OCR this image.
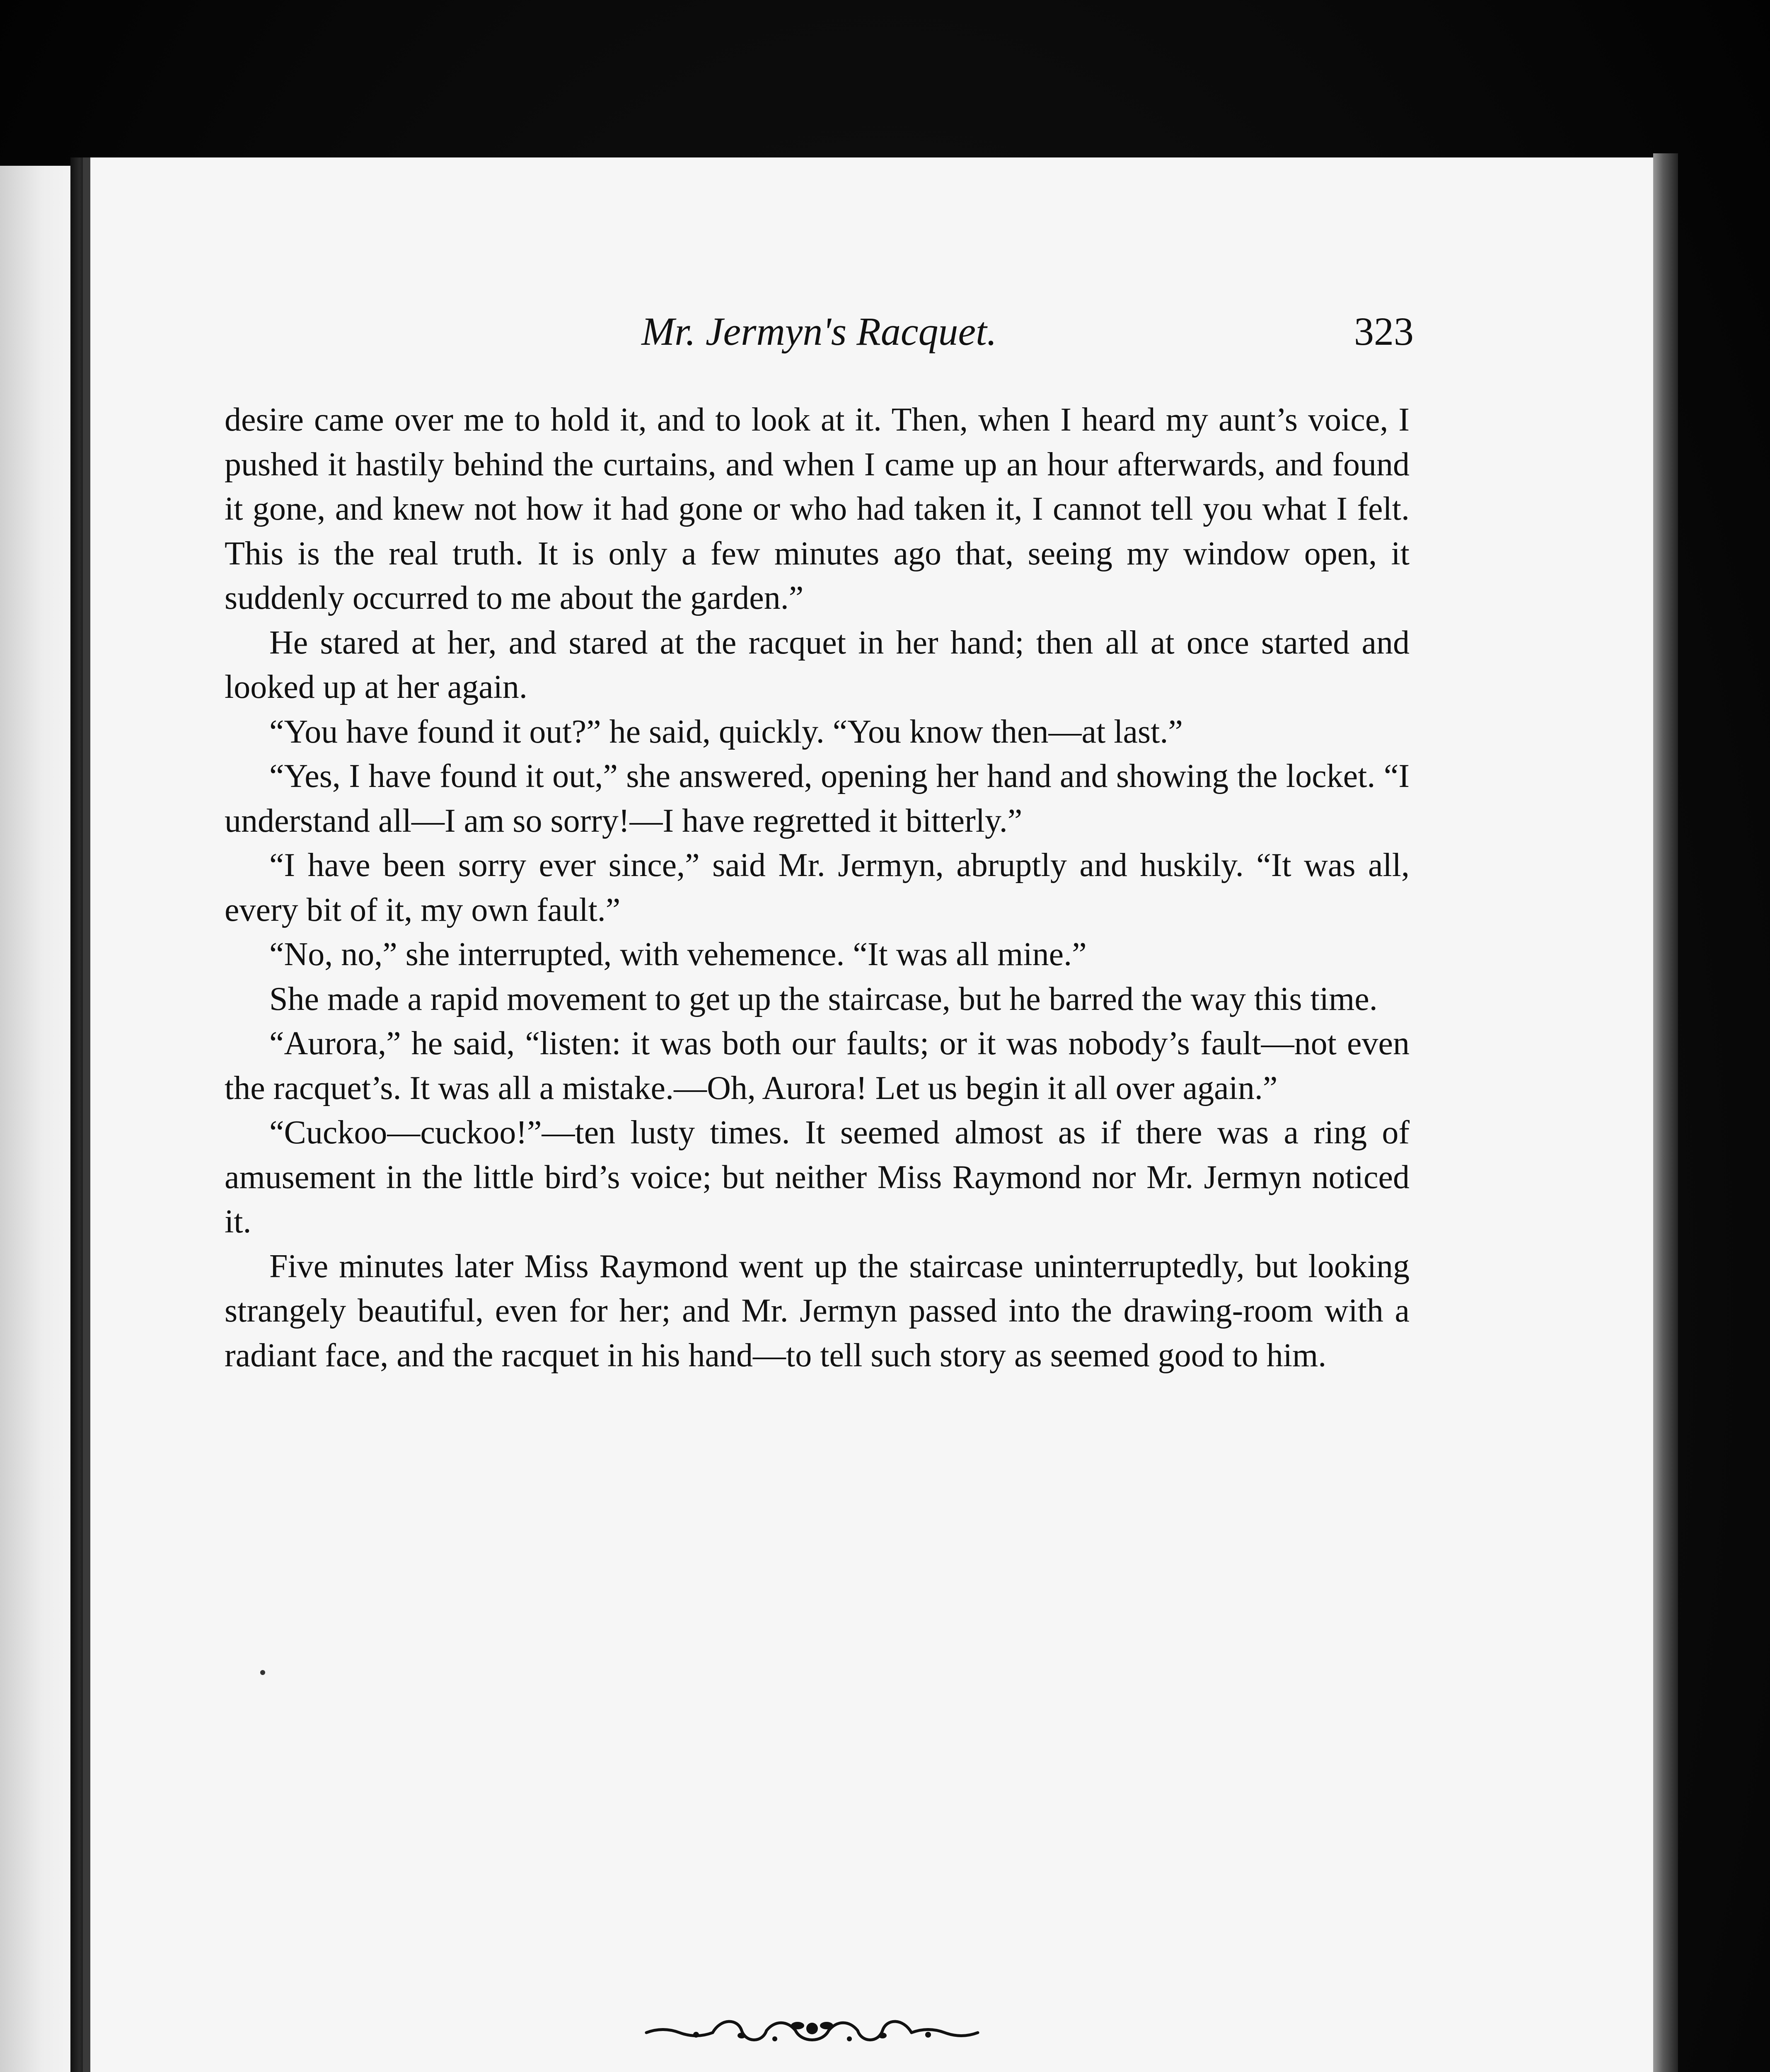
Mr. Jermyn's Racquet.	323

desire came over me to hold it, and to look at it. Then, when I heard my aunt’s voice, I pushed it hastily behind the curtains, and when I came up an hour afterwards, and found it gone, and knew not how it had gone or who had taken it, I cannot tell you what I felt. This is the real truth. It is only a few minutes ago that, seeing my window open, it suddenly occurred to me about the garden.”

He stared at her, and stared at the racquet in her hand; then all at once started and looked up at her again.

“You have found it out?” he said, quickly. “You know then—at last.”

“Yes, I have found it out,” she answered, opening her hand and showing the locket. “I understand all—I am so sorry!—I have regretted it bitterly.”

“I have been sorry ever since,” said Mr. Jermyn, abruptly and huskily. “It was all, every bit of it, my own fault.”

“No, no,” she interrupted, with vehemence. “It was all mine.”

She made a rapid movement to get up the staircase, but he barred the way this time.

“Aurora,” he said, “listen: it was both our faults; or it was nobody’s fault—not even the racquet’s. It was all a mistake.—Oh, Aurora! Let us begin it all over again.”

“Cuckoo—cuckoo!”—ten lusty times. It seemed almost as if there was a ring of amusement in the little bird’s voice; but neither Miss Raymond nor Mr. Jermyn noticed it.

Five minutes later Miss Raymond went up the staircase uninterruptedly, but looking strangely beautiful, even for her; and Mr. Jermyn passed into the drawing-room with a radiant face, and the racquet in his hand—to tell such story as seemed good to him.
